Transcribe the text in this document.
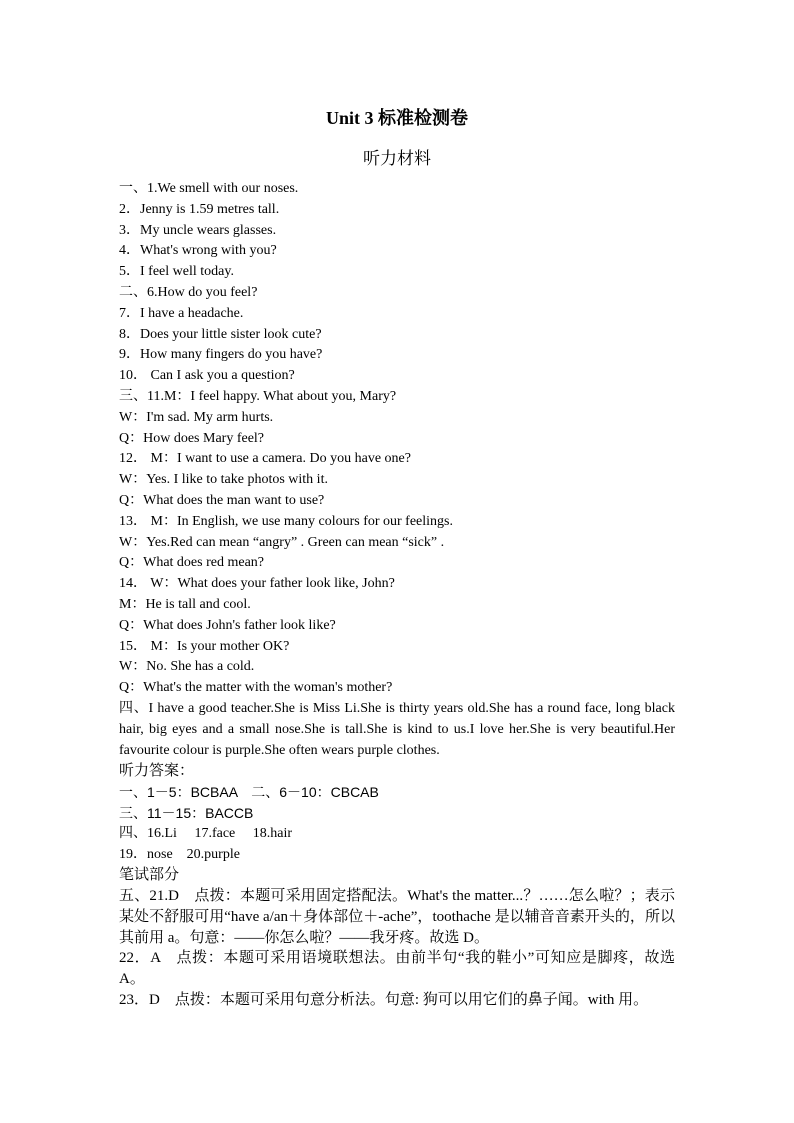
Unit 3 标准检测卷
听力材料
一、1.We smell with our noses.
2．Jenny is 1.59 metres tall.
3．My uncle wears glasses.
4．What's wrong with you?
5．I feel well today.
二、6.How do you feel?
7．I have a headache.
8．Does your little sister look cute?
9．How many fingers do you have?
10． Can I ask you a question?
三、11.M：I feel happy. What about you, Mary?
W：I'm sad. My arm hurts.
Q：How does Mary feel?
12． M：I want to use a camera. Do you have one?
W：Yes. I like to take photos with it.
Q：What does the man want to use?
13． M：In English, we use many colours for our feelings.
W：Yes.Red can mean “angry” . Green can mean “sick” .
Q：What does red mean?
14． W：What does your father look like, John?
M：He is tall and cool.
Q：What does John's father look like?
15． M：Is your mother OK?
W：No. She has a cold.
Q：What's the matter with the woman's mother?
四、I have a good teacher.She is Miss Li.She is thirty years old.She has a round face, long black hair, big eyes and a small nose.She is tall.She is kind to us.I love her.She is very beautiful.Her favourite colour is purple.She often wears purple clothes.
听力答案：
一、1－5：BCBAA　二、6－10：CBCAB
三、11－15：BACCB
四、16.Li　 17.face　 18.hair
19．nose　20.purple
笔试部分
五、21.D　点拨：本题可采用固定搭配法。What's the matter...？……怎么啦？；表示某处不舒服可用“have a/an＋身体部位＋-ache”，toothache 是以辅音音素开头的，所以其前用 a。句意：——你怎么啦？——我牙疼。故选 D。
22．A　点拨：本题可采用语境联想法。由前半句“我的鞋小”可知应是脚疼，故选 A。
23．D　点拨：本题可采用句意分析法。句意: 狗可以用它们的鼻子闻。with 用。
